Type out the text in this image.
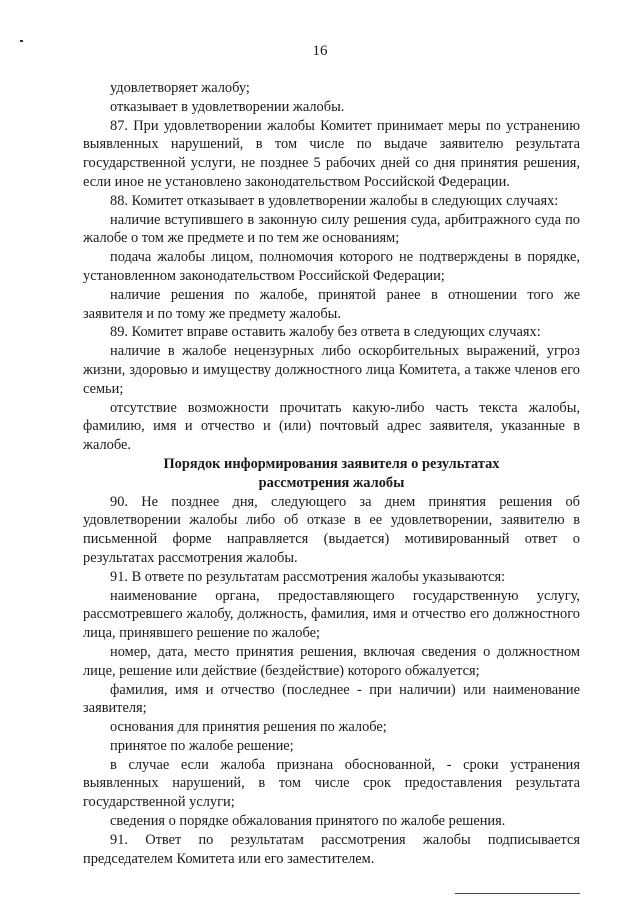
16

удовлетворяет жалобу;

отказывает в удовлетворении жалобы.

87. При удовлетворении жалобы Комитет принимает меры по устранению выявленных нарушений, в том числе по выдаче заявителю результата государственной услуги, не позднее 5 рабочих дней со дня принятия решения, если иное не установлено законодательством Российской Федерации.

88. Комитет отказывает в удовлетворении жалобы в следующих случаях:

наличие вступившего в законную силу решения суда, арбитражного суда по жалобе о том же предмете и по тем же основаниям;

подача жалобы лицом, полномочия которого не подтверждены в порядке, установленном законодательством Российской Федерации;

наличие решения по жалобе, принятой ранее в отношении того же заявителя и по тому же предмету жалобы.

89. Комитет вправе оставить жалобу без ответа в следующих случаях:

наличие в жалобе нецензурных либо оскорбительных выражений, угроз жизни, здоровью и имуществу должностного лица Комитета, а также членов его семьи;

отсутствие возможности прочитать какую-либо часть текста жалобы, фамилию, имя и отчество и (или) почтовый адрес заявителя, указанные в жалобе.

Порядок информирования заявителя о результатах
рассмотрения жалобы

90. Не позднее дня, следующего за днем принятия решения об удовлетворении жалобы либо об отказе в ее удовлетворении, заявителю в письменной форме направляется (выдается) мотивированный ответ о результатах рассмотрения жалобы.

91. В ответе по результатам рассмотрения жалобы указываются:

наименование органа, предоставляющего государственную услугу, рассмотревшего жалобу, должность, фамилия, имя и отчество его должностного лица, принявшего решение по жалобе;

номер, дата, место принятия решения, включая сведения о должностном лице, решение или действие (бездействие) которого обжалуется;

фамилия, имя и отчество (последнее - при наличии) или наименование заявителя;

основания для принятия решения по жалобе;

принятое по жалобе решение;

в случае если жалоба признана обоснованной, - сроки устранения выявленных нарушений, в том числе срок предоставления результата государственной услуги;

сведения о порядке обжалования принятого по жалобе решения.

91. Ответ по результатам рассмотрения жалобы подписывается председателем Комитета или его заместителем.
